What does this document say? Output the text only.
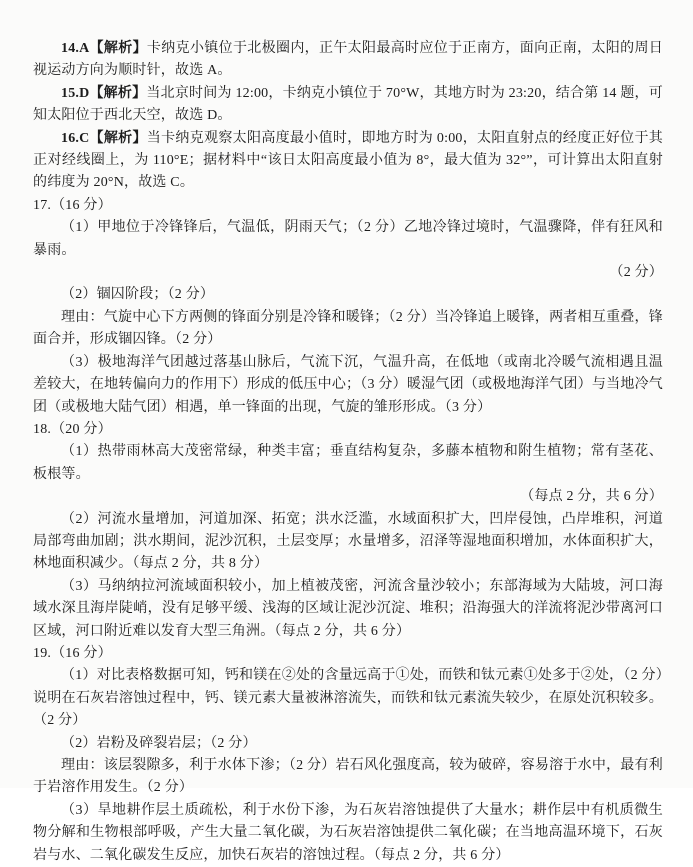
14.A【解析】卡纳克小镇位于北极圈内，正午太阳最高时应位于正南方，面向正南，太阳的周日视运动方向为顺时针，故选 A。

15.D【解析】当北京时间为 12:00，卡纳克小镇位于 70°W，其地方时为 23:20，结合第 14 题，可知太阳位于西北天空，故选 D。

16.C【解析】当卡纳克观察太阳高度最小值时，即地方时为 0:00，太阳直射点的经度正好位于其正对经线圈上，为 110°E；据材料中“该日太阳高度最小值为 8°，最大值为 32°”，可计算出太阳直射的纬度为 20°N，故选 C。

17.（16 分）

（1）甲地位于冷锋锋后，气温低，阴雨天气；（2 分）乙地冷锋过境时，气温骤降，伴有狂风和暴雨。

（2 分）

（2）锢囚阶段；（2 分）

理由：气旋中心下方两侧的锋面分别是冷锋和暖锋；（2 分）当冷锋追上暖锋，两者相互重叠，锋面合并，形成锢囚锋。（2 分）

（3）极地海洋气团越过落基山脉后，气流下沉，气温升高，在低地（或南北冷暖气流相遇且温差较大，在地转偏向力的作用下）形成的低压中心；（3 分）暖湿气团（或极地海洋气团）与当地冷气团（或极地大陆气团）相遇，单一锋面的出现，气旋的雏形形成。（3 分）

18.（20 分）

（1）热带雨林高大茂密常绿，种类丰富；垂直结构复杂，多藤本植物和附生植物；常有茎花、板根等。

（每点 2 分，共 6 分）

（2）河流水量增加，河道加深、拓宽；洪水泛滥，水域面积扩大，凹岸侵蚀，凸岸堆积，河道局部弯曲加剧；洪水期间，泥沙沉积，土层变厚；水量增多，沼泽等湿地面积增加，水体面积扩大，林地面积减少。（每点 2 分，共 8 分）

（3）马纳纳拉河流域面积较小，加上植被茂密，河流含量沙较小；东部海域为大陆坡，河口海域水深且海岸陡峭，没有足够平缓、浅海的区域让泥沙沉淀、堆积；沿海强大的洋流将泥沙带离河口区域，河口附近难以发育大型三角洲。（每点 2 分，共 6 分）

19.（16 分）

（1）对比表格数据可知，钙和镁在②处的含量远高于①处，而铁和钛元素①处多于②处，（2 分）说明在石灰岩溶蚀过程中，钙、镁元素大量被淋溶流失，而铁和钛元素流失较少，在原处沉积较多。（2 分）

（2）岩粉及碎裂岩层；（2 分）

理由：该层裂隙多，利于水体下渗；（2 分）岩石风化强度高，较为破碎，容易溶于水中，最有利于岩溶作用发生。（2 分）

（3）旱地耕作层土质疏松，利于水份下渗，为石灰岩溶蚀提供了大量水；耕作层中有机质微生物分解和生物根部呼吸，产生大量二氧化碳，为石灰岩溶蚀提供二氧化碳；在当地高温环境下，石灰岩与水、二氧化碳发生反应，加快石灰岩的溶蚀过程。（每点 2 分，共 6 分）
